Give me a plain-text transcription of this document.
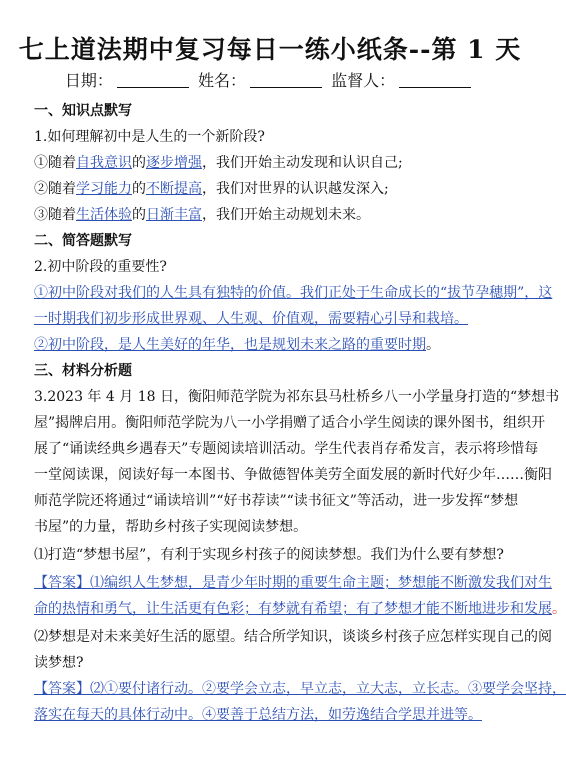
七上道法期中复习每日一练小纸条--第 1 天
日期：	姓名：	监督人：
一、知识点默写
1.如何理解初中是人生的一个新阶段?
①随着自我意识的逐步增强，我们开始主动发现和认识自己;
②随着学习能力的不断提高，我们对世界的认识越发深入;
③随着生活体验的日渐丰富，我们开始主动规划未来。
二、简答题默写
2.初中阶段的重要性?
①初中阶段对我们的人生具有独特的价值。我们正处于生命成长的“拔节孕穗期”，这
一时期我们初步形成世界观、人生观、价值观，需要精心引导和栽培。
②初中阶段，是人生美好的年华，也是规划未来之路的重要时期。
三、材料分析题
3.2023 年 4 月 18 日，衡阳师范学院为祁东县马杜桥乡八一小学量身打造的“梦想书
屋”揭牌启用。衡阳师范学院为八一小学捐赠了适合小学生阅读的课外图书，组织开
展了“诵读经典乡遇春天”专题阅读培训活动。学生代表肖存希发言，表示将珍惜每
一堂阅读课，阅读好每一本图书、争做德智体美劳全面发展的新时代好少年……衡阳
师范学院还将通过“诵读培训”“好书荐读”“读书征文”等活动，进一步发挥“梦想
书屋”的力量，帮助乡村孩子实现阅读梦想。
⑴打造“梦想书屋”，有利于实现乡村孩子的阅读梦想。我们为什么要有梦想?
【答案】⑴编织人生梦想，是青少年时期的重要生命主题；梦想能不断激发我们对生
命的热情和勇气，让生活更有色彩；有梦就有希望；有了梦想才能不断地进步和发展。
⑵梦想是对未来美好生活的愿望。结合所学知识，谈谈乡村孩子应怎样实现自己的阅
读梦想?
【答案】⑵①要付诸行动。②要学会立志，早立志，立大志，立长志。③要学会坚持，
落实在每天的具体行动中。④要善于总结方法，如劳逸结合学思并进等。
